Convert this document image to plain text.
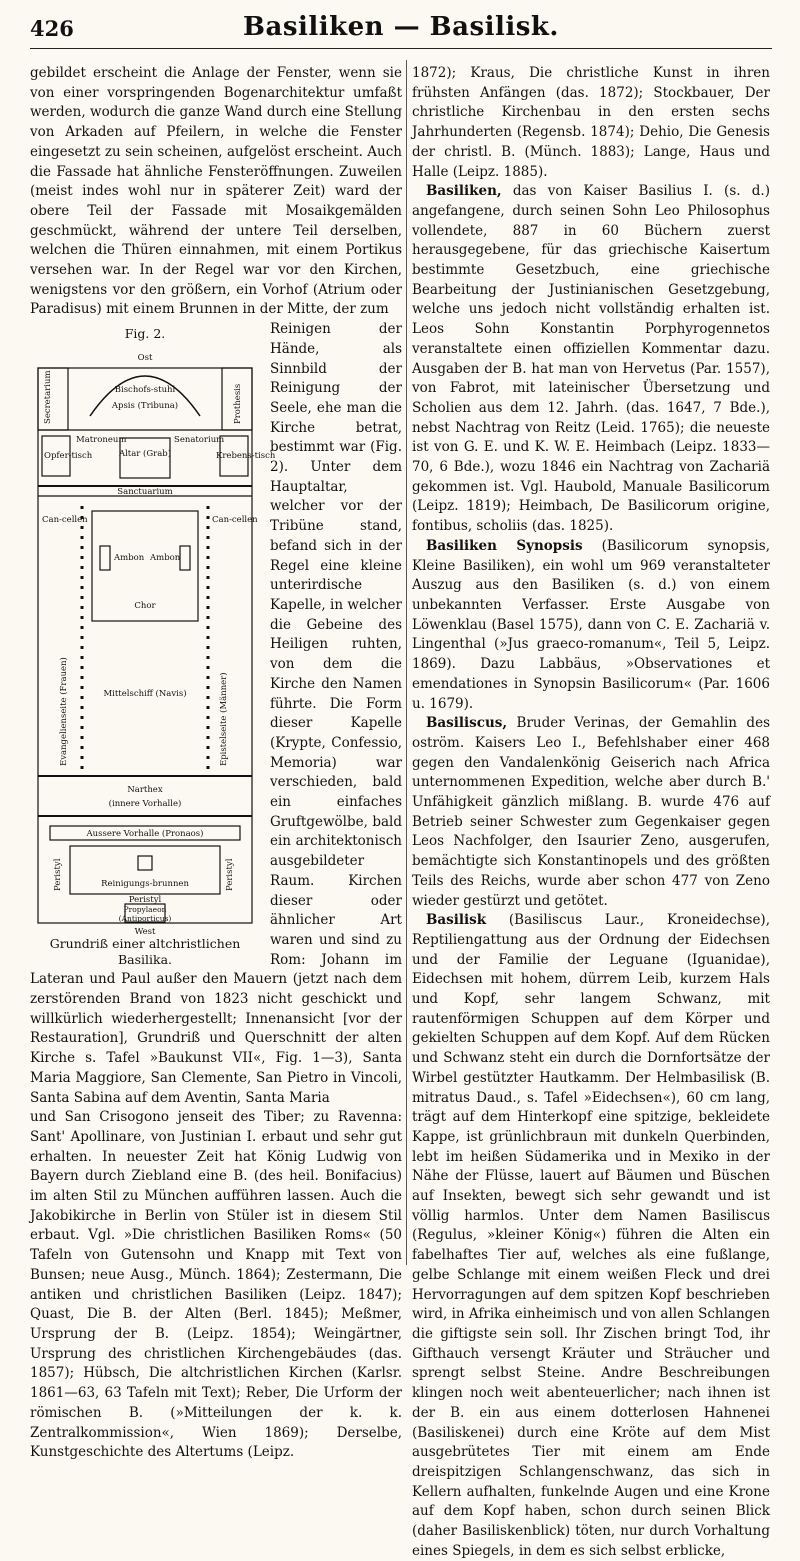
426	Basiliken — Basilisk.

gebildet erscheint die Anlage der Fenster, wenn sie von einer vorspringenden Bogenarchitektur umfaßt werden, wodurch die ganze Wand durch eine Stellung von Arkaden auf Pfeilern, in welche die Fenster eingesetzt zu sein scheinen, aufgelöst erscheint. Auch die Fassade hat ähnliche Fensteröffnungen. Zuweilen (meist indes wohl nur in späterer Zeit) ward der obere Teil der Fassade mit Mosaikgemälden geschmückt, während der untere Teil derselben, welchen die Thüren einnahmen, mit einem Portikus versehen war. In der Regel war vor den Kirchen, wenigstens vor den größern, ein Vorhof (Atrium oder Paradisus) mit einem Brunnen in der Mitte, der zum

Fig. 2.
Ost
Secretarium	Prothesis
Bischofs-stuhl
Apsis (Tribuna)
Altar (Grab)
Matroneum	Senatorium
Opfer-tisch	Krebens-tisch
Sanctuarium
Can-cellen	Can-cellen
Ambon Ambon
Chor
Evangelienseite (Frauen)	Epistelseite (Männer)
Mittelschiff (Navis)
Narthex
(innere Vorhalle)
Aussere Vorhalle (Pronaos)
Peristyl	Peristyl
Reinigungs-brunnen
Peristyl
Propylaeon
(Antiporticus)
West
Grundriß einer altchristlichen Basilika.

Reinigen der Hände, als Sinnbild der Reinigung der Seele, ehe man die Kirche betrat, bestimmt war (Fig. 2). Unter dem Hauptaltar, welcher vor der Tribüne stand, befand sich in der Regel eine kleine unterirdische Kapelle, in welcher die Gebeine des Heiligen ruhten, von dem die Kirche den Namen führte. Die Form dieser Kapelle (Krypte, Confessio, Memoria) war verschieden, bald ein einfaches Gruftgewölbe, bald ein architektonisch ausgebildeter Raum. Kirchen dieser oder ähnlicher Art waren und sind zu Rom: Johann im Lateran und Paul außer den Mauern (jetzt nach dem zerstörenden Brand von 1823 nicht geschickt und willkürlich wiederhergestellt; Innenansicht [vor der Restauration], Grundriß und Querschnitt der alten Kirche s. Tafel »Baukunst VII«, Fig. 1—3), Santa Maria Maggiore, San Clemente, San Pietro in Vincoli, Santa Sabina auf dem Aventin, Santa Maria

und San Crisogono jenseit des Tiber; zu Ravenna: Sant' Apollinare, von Justinian I. erbaut und sehr gut erhalten. In neuester Zeit hat König Ludwig von Bayern durch Ziebland eine B. (des heil. Bonifacius) im alten Stil zu München aufführen lassen. Auch die Jakobikirche in Berlin von Stüler ist in diesem Stil erbaut. Vgl. »Die christlichen Basiliken Roms« (50 Tafeln von Gutensohn und Knapp mit Text von Bunsen; neue Ausg., Münch. 1864); Zestermann, Die antiken und christlichen Basiliken (Leipz. 1847); Quast, Die B. der Alten (Berl. 1845); Meßmer, Ursprung der B. (Leipz. 1854); Weingärtner, Ursprung des christlichen Kirchengebäudes (das. 1857); Hübsch, Die altchristlichen Kirchen (Karlsr. 1861—63, 63 Tafeln mit Text); Reber, Die Urform der römischen B. (»Mitteilungen der k. k. Zentralkommission«, Wien 1869); Derselbe, Kunstgeschichte des Altertums (Leipz.

1872); Kraus, Die christliche Kunst in ihren frühsten Anfängen (das. 1872); Stockbauer, Der christliche Kirchenbau in den ersten sechs Jahrhunderten (Regensb. 1874); Dehio, Die Genesis der christl. B. (Münch. 1883); Lange, Haus und Halle (Leipz. 1885).

Basiliken, das von Kaiser Basilius I. (s. d.) angefangene, durch seinen Sohn Leo Philosophus vollendete, 887 in 60 Büchern zuerst herausgegebene, für das griechische Kaisertum bestimmte Gesetzbuch, eine griechische Bearbeitung der Justinianischen Gesetzgebung, welche uns jedoch nicht vollständig erhalten ist. Leos Sohn Konstantin Porphyrogennetos veranstaltete einen offiziellen Kommentar dazu. Ausgaben der B. hat man von Hervetus (Par. 1557), von Fabrot, mit lateinischer Übersetzung und Scholien aus dem 12. Jahrh. (das. 1647, 7 Bde.), nebst Nachtrag von Reitz (Leid. 1765); die neueste ist von G. E. und K. W. E. Heimbach (Leipz. 1833—70, 6 Bde.), wozu 1846 ein Nachtrag von Zachariä gekommen ist. Vgl. Haubold, Manuale Basilicorum (Leipz. 1819); Heimbach, De Basilicorum origine, fontibus, scholiis (das. 1825).

Basiliken Synopsis (Basilicorum synopsis, Kleine Basiliken), ein wohl um 969 veranstalteter Auszug aus den Basiliken (s. d.) von einem unbekannten Verfasser. Erste Ausgabe von Löwenklau (Basel 1575), dann von C. E. Zachariä v. Lingenthal (»Jus graeco-romanum«, Teil 5, Leipz. 1869). Dazu Labbäus, »Observationes et emendationes in Synopsin Basilicorum« (Par. 1606 u. 1679).

Basiliscus, Bruder Verinas, der Gemahlin des oström. Kaisers Leo I., Befehlshaber einer 468 gegen den Vandalenkönig Geiserich nach Africa unternommenen Expedition, welche aber durch B.' Unfähigkeit gänzlich mißlang. B. wurde 476 auf Betrieb seiner Schwester zum Gegenkaiser gegen Leos Nachfolger, den Isaurier Zeno, ausgerufen, bemächtigte sich Konstantinopels und des größten Teils des Reichs, wurde aber schon 477 von Zeno wieder gestürzt und getötet.

Basilisk (Basiliscus Laur., Kroneidechse), Reptiliengattung aus der Ordnung der Eidechsen und der Familie der Leguane (Iguanidae), Eidechsen mit hohem, dürrem Leib, kurzem Hals und Kopf, sehr langem Schwanz, mit rautenförmigen Schuppen auf dem Körper und gekielten Schuppen auf dem Kopf. Auf dem Rücken und Schwanz steht ein durch die Dornfortsätze der Wirbel gestützter Hautkamm. Der Helmbasilisk (B. mitratus Daud., s. Tafel »Eidechsen«), 60 cm lang, trägt auf dem Hinterkopf eine spitzige, bekleidete Kappe, ist grünlichbraun mit dunkeln Querbinden, lebt im heißen Südamerika und in Mexiko in der Nähe der Flüsse, lauert auf Bäumen und Büschen auf Insekten, bewegt sich sehr gewandt und ist völlig harmlos. Unter dem Namen Basiliscus (Regulus, »kleiner König«) führen die Alten ein fabelhaftes Tier auf, welches als eine fußlange, gelbe Schlange mit einem weißen Fleck und drei Hervorragungen auf dem spitzen Kopf beschrieben wird, in Afrika einheimisch und von allen Schlangen die giftigste sein soll. Ihr Zischen bringt Tod, ihr Gifthauch versengt Kräuter und Sträucher und sprengt selbst Steine. Andre Beschreibungen klingen noch weit abenteuerlicher; nach ihnen ist der B. ein aus einem dotterlosen Hahnenei (Basiliskenei) durch eine Kröte auf dem Mist ausgebrütetes Tier mit einem am Ende dreispitzigen Schlangenschwanz, das sich in Kellern aufhalten, funkelnde Augen und eine Krone auf dem Kopf haben, schon durch seinen Blick (daher Basiliskenblick) töten, nur durch Vorhaltung eines Spiegels, in dem es sich selbst erblicke,
